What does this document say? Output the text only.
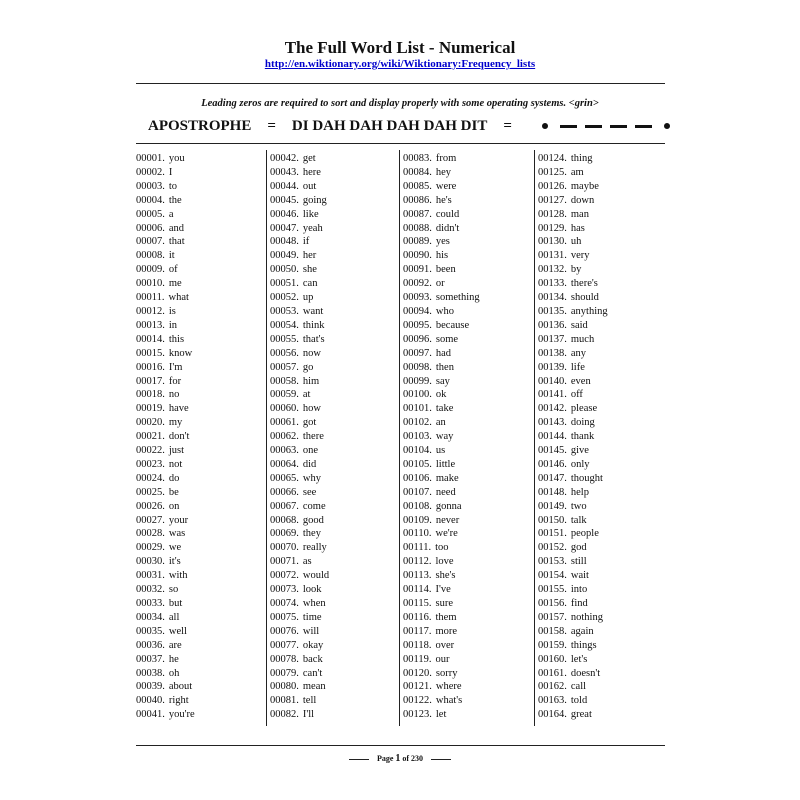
The Full Word List - Numerical
http://en.wiktionary.org/wiki/Wiktionary:Frequency_lists
Leading zeros are required to sort and display properly with some operating systems. <grin>
APOSTROPHE = DI DAH DAH DAH DAH DIT =
00001. you
00002. I
00003. to
00004. the
00005. a
00006. and
00007. that
00008. it
00009. of
00010. me
00011. what
00012. is
00013. in
00014. this
00015. know
00016. I'm
00017. for
00018. no
00019. have
00020. my
00021. don't
00022. just
00023. not
00024. do
00025. be
00026. on
00027. your
00028. was
00029. we
00030. it's
00031. with
00032. so
00033. but
00034. all
00035. well
00036. are
00037. he
00038. oh
00039. about
00040. right
00041. you're
00042. get
00043. here
00044. out
00045. going
00046. like
00047. yeah
00048. if
00049. her
00050. she
00051. can
00052. up
00053. want
00054. think
00055. that's
00056. now
00057. go
00058. him
00059. at
00060. how
00061. got
00062. there
00063. one
00064. did
00065. why
00066. see
00067. come
00068. good
00069. they
00070. really
00071. as
00072. would
00073. look
00074. when
00075. time
00076. will
00077. okay
00078. back
00079. can't
00080. mean
00081. tell
00082. I'll
00083. from
00084. hey
00085. were
00086. he's
00087. could
00088. didn't
00089. yes
00090. his
00091. been
00092. or
00093. something
00094. who
00095. because
00096. some
00097. had
00098. then
00099. say
00100. ok
00101. take
00102. an
00103. way
00104. us
00105. little
00106. make
00107. need
00108. gonna
00109. never
00110. we're
00111. too
00112. love
00113. she's
00114. I've
00115. sure
00116. them
00117. more
00118. over
00119. our
00120. sorry
00121. where
00122. what's
00123. let
00124. thing
00125. am
00126. maybe
00127. down
00128. man
00129. has
00130. uh
00131. very
00132. by
00133. there's
00134. should
00135. anything
00136. said
00137. much
00138. any
00139. life
00140. even
00141. off
00142. please
00143. doing
00144. thank
00145. give
00146. only
00147. thought
00148. help
00149. two
00150. talk
00151. people
00152. god
00153. still
00154. wait
00155. into
00156. find
00157. nothing
00158. again
00159. things
00160. let's
00161. doesn't
00162. call
00163. told
00164. great
Page 1 of 230
